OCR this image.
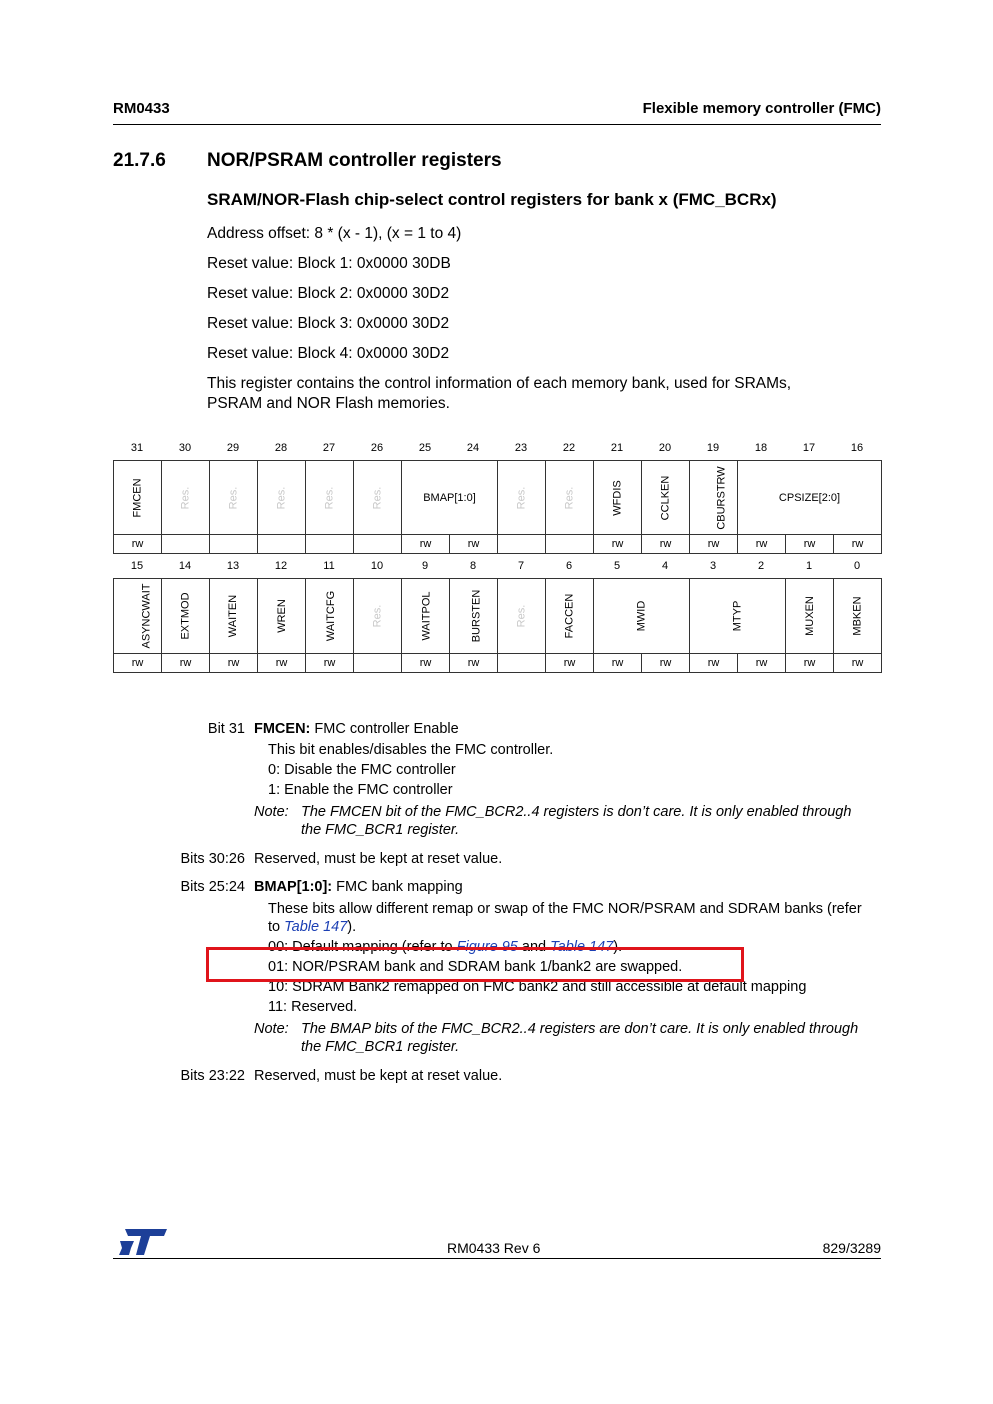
RM0433	Flexible memory controller (FMC)
21.7.6 NOR/PSRAM controller registers
SRAM/NOR-Flash chip-select control registers for bank x (FMC_BCRx)
Address offset: 8 * (x - 1), (x = 1 to 4)
Reset value: Block 1: 0x0000 30DB
Reset value: Block 2: 0x0000 30D2
Reset value: Block 3: 0x0000 30D2
Reset value: Block 4: 0x0000 30D2
This register contains the control information of each memory bank, used for SRAMs,
PSRAM and NOR Flash memories.
31	30	29	28	27	26	25	24	23	22	21	20	19	18	17	16
FMCEN	Res.	Res.	Res.	Res.	Res.	BMAP[1:0]		Res.	Res.	WFDIS	CCLKEN	CBURSTRW	CPSIZE[2:0]		
rw						rw	rw			rw	rw	rw	rw	rw	rw
15	14	13	12	11	10	9	8	7	6	5	4	3	2	1	0
ASYNCWAIT	EXTMOD	WAITEN	WREN	WAITCFG	Res.	WAITPOL	BURSTEN	Res.	FACCEN	MWID		MTYP		MUXEN	MBKEN
rw	rw	rw	rw	rw		rw	rw		rw	rw	rw	rw	rw	rw	rw
Bit 31 FMCEN: FMC controller Enable
This bit enables/disables the FMC controller.
0: Disable the FMC controller
1: Enable the FMC controller
Note: The FMCEN bit of the FMC_BCR2..4 registers is don’t care. It is only enabled through
the FMC_BCR1 register.
Bits 30:26 Reserved, must be kept at reset value.
Bits 25:24 BMAP[1:0]: FMC bank mapping
These bits allow different remap or swap of the FMC NOR/PSRAM and SDRAM banks (refer
to Table 147).
00: Default mapping (refer to Figure 95 and Table 147).
01: NOR/PSRAM bank and SDRAM bank 1/bank2 are swapped.
10: SDRAM Bank2 remapped on FMC bank2 and still accessible at default mapping
11: Reserved.
Note: The BMAP bits of the FMC_BCR2..4 registers are don’t care. It is only enabled through
the FMC_BCR1 register.
Bits 23:22 Reserved, must be kept at reset value.
RM0433 Rev 6	829/3289
